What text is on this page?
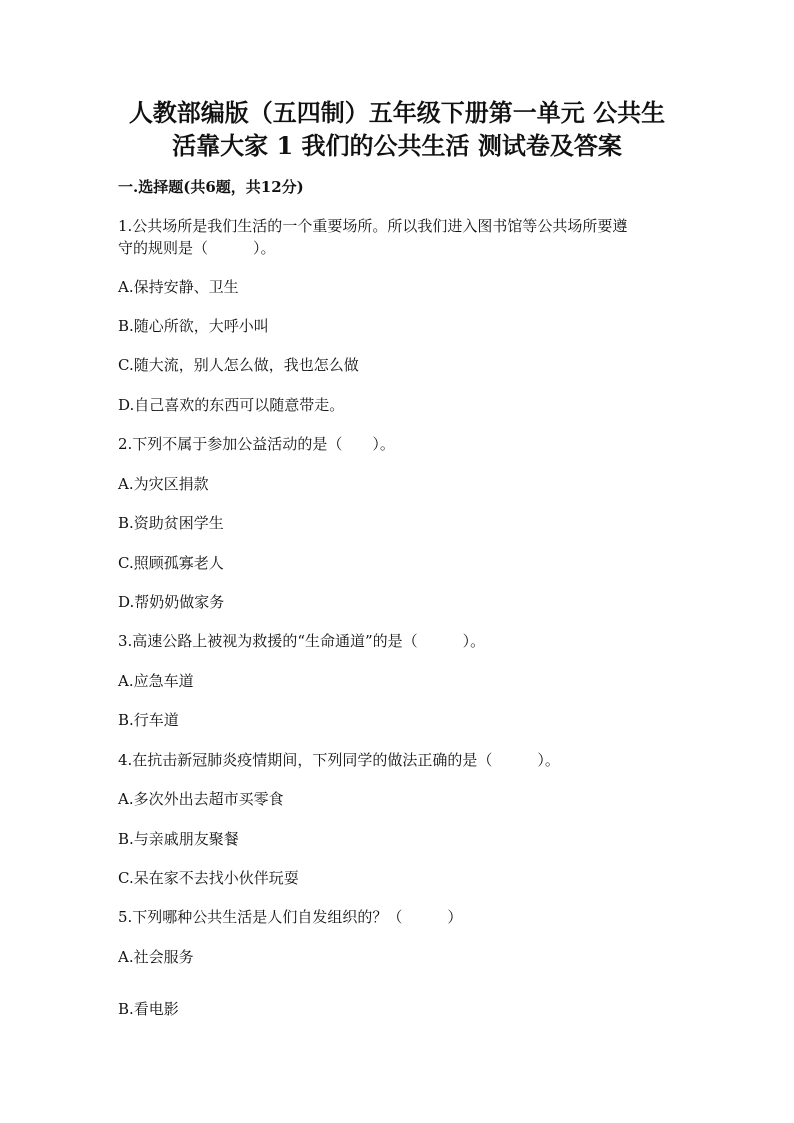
人教部编版（五四制）五年级下册第一单元 公共生
活靠大家 1 我们的公共生活 测试卷及答案
一.选择题(共6题，共12分)

1.公共场所是我们生活的一个重要场所。所以我们进入图书馆等公共场所要遵

守的规则是（　　　）。

A.保持安静、卫生

B.随心所欲，大呼小叫

C.随大流，别人怎么做，我也怎么做

D.自己喜欢的东西可以随意带走。

2.下列不属于参加公益活动的是（　　）。

A.为灾区捐款

B.资助贫困学生

C.照顾孤寡老人

D.帮奶奶做家务

3.高速公路上被视为救援的“生命通道”的是（　　　）。

A.应急车道

B.行车道

4.在抗击新冠肺炎疫情期间，下列同学的做法正确的是（　　　）。

A.多次外出去超市买零食

B.与亲戚朋友聚餐

C.呆在家不去找小伙伴玩耍

5.下列哪种公共生活是人们自发组织的？（　　　）

A.社会服务

B.看电影
